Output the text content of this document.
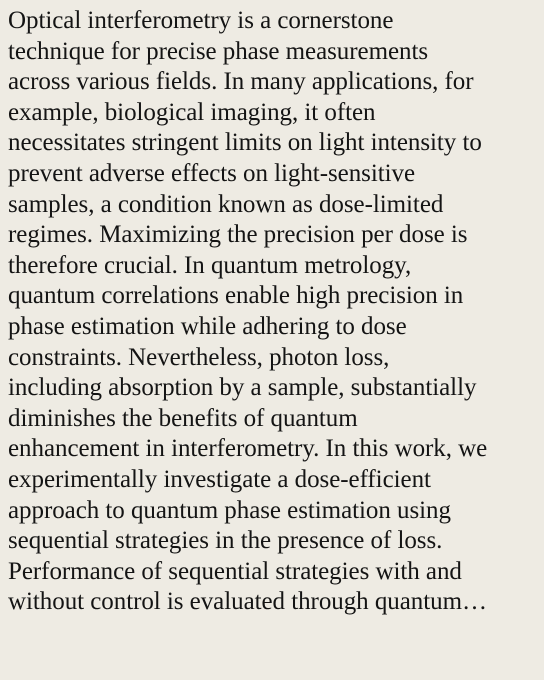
Optical interferometry is a cornerstone
technique for precise phase measurements
across various fields. In many applications, for
example, biological imaging, it often
necessitates stringent limits on light intensity to
prevent adverse effects on light-sensitive
samples, a condition known as dose-limited
regimes. Maximizing the precision per dose is
therefore crucial. In quantum metrology,
quantum correlations enable high precision in
phase estimation while adhering to dose
constraints. Nevertheless, photon loss,
including absorption by a sample, substantially
diminishes the benefits of quantum
enhancement in interferometry. In this work, we
experimentally investigate a dose-efficient
approach to quantum phase estimation using
sequential strategies in the presence of loss.
Performance of sequential strategies with and
without control is evaluated through quantum…
